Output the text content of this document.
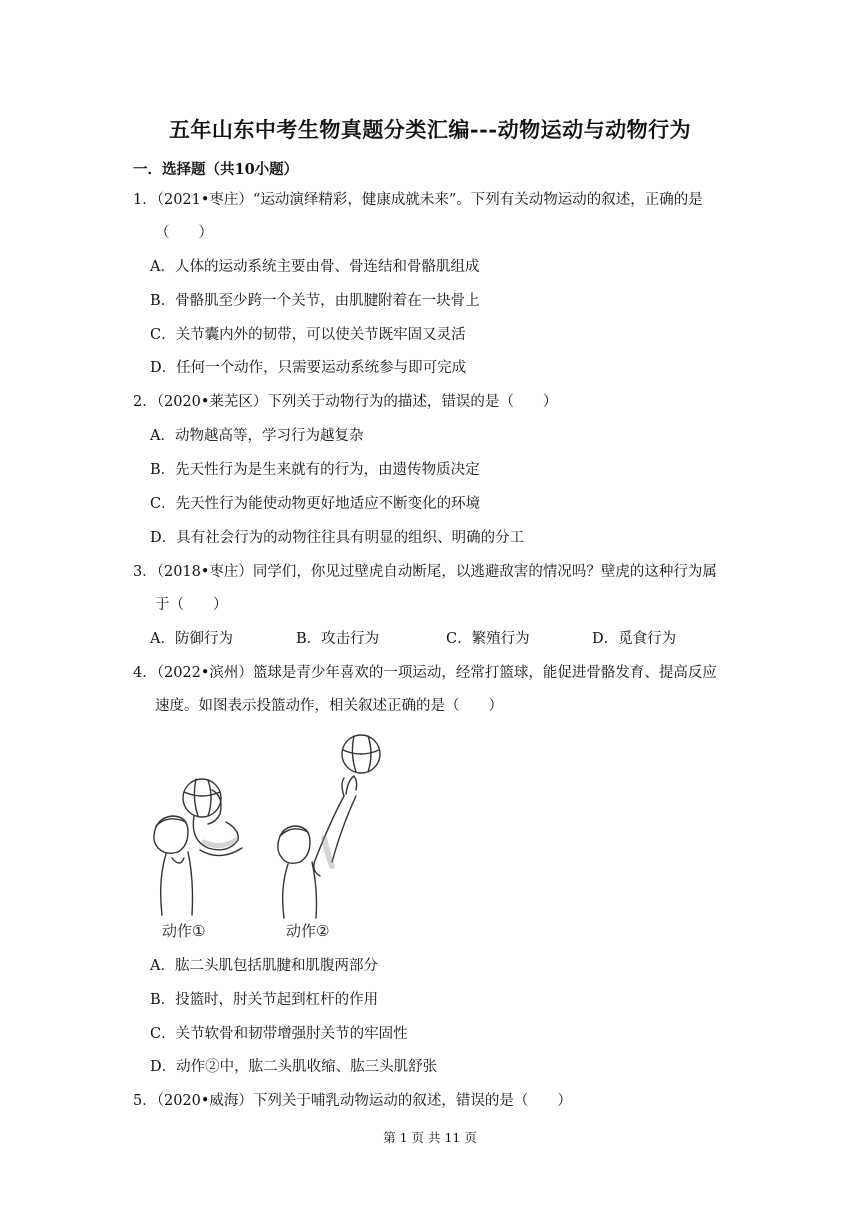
五年山东中考生物真题分类汇编---动物运动与动物行为
一．选择题（共10小题）
1．（2021•枣庄）“运动演绎精彩，健康成就未来”。下列有关动物运动的叙述，正确的是
（　　）
A．人体的运动系统主要由骨、骨连结和骨骼肌组成
B．骨骼肌至少跨一个关节，由肌腱附着在一块骨上
C．关节囊内外的韧带，可以使关节既牢固又灵活
D．任何一个动作，只需要运动系统参与即可完成
2．（2020•莱芜区）下列关于动物行为的描述，错误的是（　　）
A．动物越高等，学习行为越复杂
B．先天性行为是生来就有的行为，由遗传物质决定
C．先天性行为能使动物更好地适应不断变化的环境
D．具有社会行为的动物往往具有明显的组织、明确的分工
3．（2018•枣庄）同学们，你见过壁虎自动断尾，以逃避敌害的情况吗？壁虎的这种行为属
于（　　）
A．防御行为	B．攻击行为	C．繁殖行为	D．觅食行为
4．（2022•滨州）篮球是青少年喜欢的一项运动，经常打篮球，能促进骨骼发育、提高反应
速度。如图表示投篮动作，相关叙述正确的是（　　）
动作①	动作②
A．肱二头肌包括肌腱和肌腹两部分
B．投篮时，肘关节起到杠杆的作用
C．关节软骨和韧带增强肘关节的牢固性
D．动作②中，肱二头肌收缩、肱三头肌舒张
5．（2020•威海）下列关于哺乳动物运动的叙述，错误的是（　　）
第 1 页 共 11 页
